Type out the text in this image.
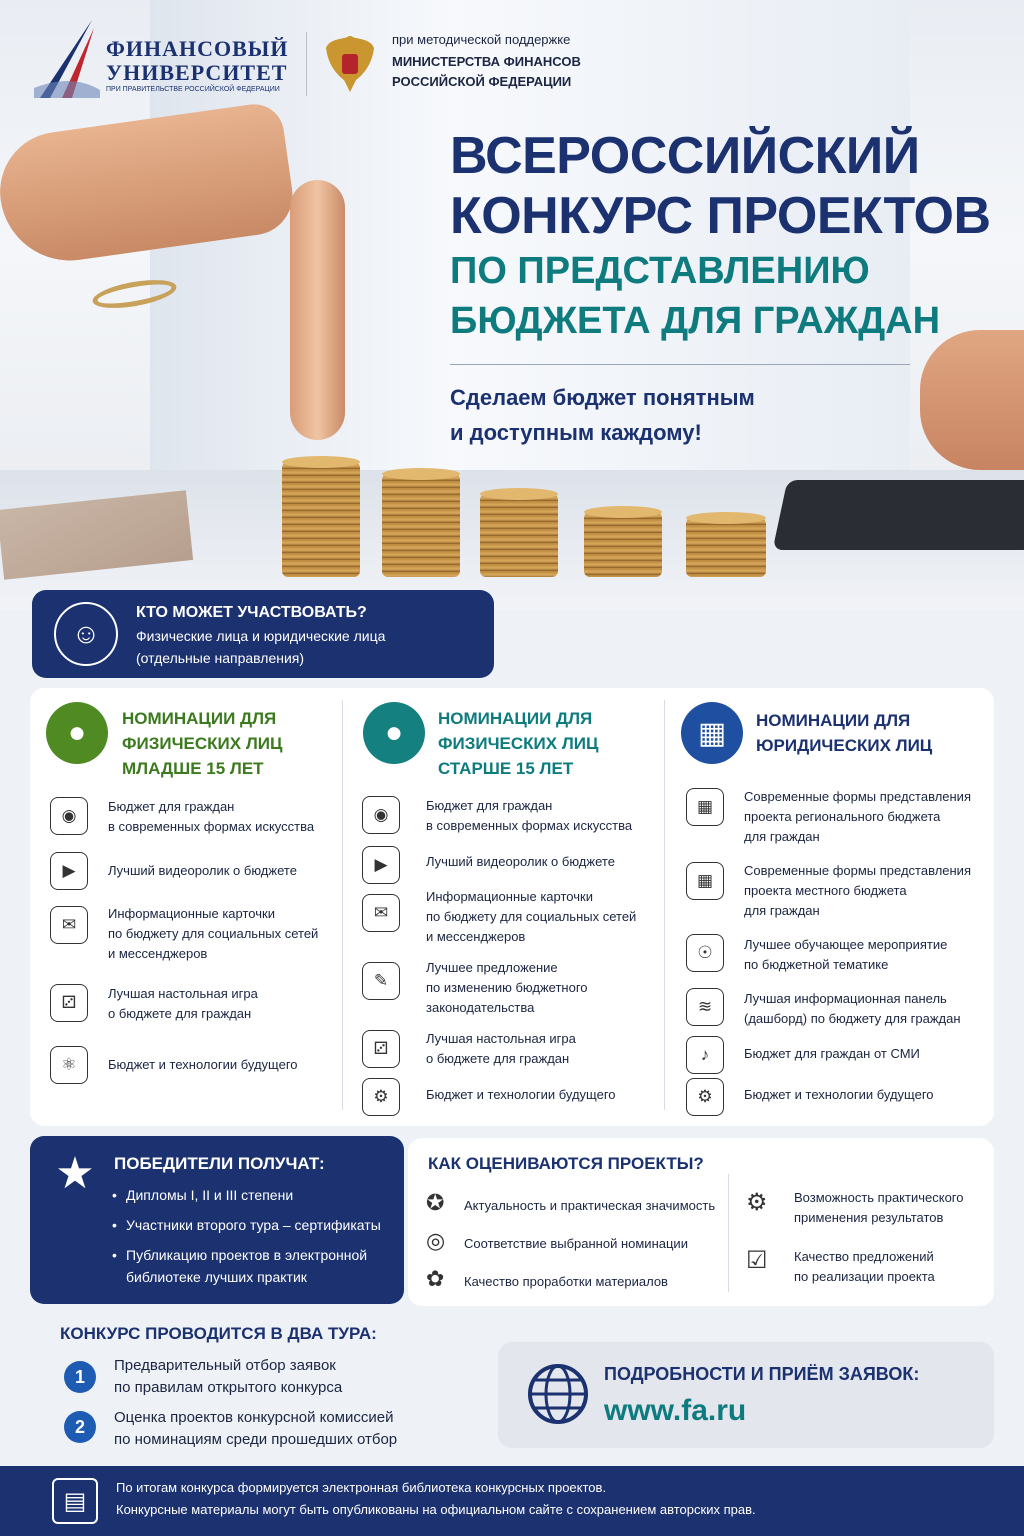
ФИНАНСОВЫЙ
УНИВЕРСИТЕТ
ПРИ ПРАВИТЕЛЬСТВЕ РОССИЙСКОЙ ФЕДЕРАЦИИ
при методической поддержке
МИНИСТЕРСТВА ФИНАНСОВ
РОССИЙСКОЙ ФЕДЕРАЦИИ
ВСЕРОССИЙСКИЙ
КОНКУРС ПРОЕКТОВ
ПО ПРЕДСТАВЛЕНИЮ
БЮДЖЕТА ДЛЯ ГРАЖДАН
Сделаем бюджет понятным
и доступным каждому!
☺
КТО МОЖЕТ УЧАСТВОВАТЬ?
Физические лица и юридические лица
(отдельные направления)
●	НОМИНАЦИИ ДЛЯ
ФИЗИЧЕСКИХ ЛИЦ
МЛАДШЕ 15 ЛЕТ
◉	Бюджет для граждан
в современных формах искусства
▶	Лучший видеоролик о бюджете
✉
Информационные карточки
по бюджету для социальных сетей
и мессенджеров
⚂	Лучшая настольная игра
о бюджете для граждан
⚛	Бюджет и технологии будущего
●	НОМИНАЦИИ ДЛЯ
ФИЗИЧЕСКИХ ЛИЦ
СТАРШЕ 15 ЛЕТ
◉	Бюджет для граждан
в современных формах искусства
▶	Лучший видеоролик о бюджете
✉
Информационные карточки
по бюджету для социальных сетей
и мессенджеров
✎
Лучшее предложение
по изменению бюджетного
законодательства
⚂
Лучшая настольная игра
о бюджете для граждан
⚙	Бюджет и технологии будущего
▦	НОМИНАЦИИ ДЛЯ
ЮРИДИЧЕСКИХ ЛИЦ
▦
Современные формы представления
проекта регионального бюджета
для граждан
▦
Современные формы представления
проекта местного бюджета
для граждан
☉	Лучшее обучающее мероприятие
по бюджетной тематике
≋	Лучшая информационная панель
(дашборд) по бюджету для граждан
♪	Бюджет для граждан от СМИ
⚙	Бюджет и технологии будущего
★	ПОБЕДИТЕЛИ ПОЛУЧАТ:
• Дипломы I, II и III степени
• Участники второго тура – сертификаты
• Публикацию проектов в электронной
библиотеке лучших практик
КАК ОЦЕНИВАЮТСЯ ПРОЕКТЫ?
✪ Актуальность и практическая значимость
◎ Соответствие выбранной номинации
✿ Качество проработки материалов
⚙ Возможность практического
применения результатов
☑ Качество предложений
по реализации проекта
КОНКУРС ПРОВОДИТСЯ В ДВА ТУРА:
1
Предварительный отбор заявок
по правилам открытого конкурса
2	Оценка проектов конкурсной комиссией
по номинациям среди прошедших отбор
ПОДРОБНОСТИ И ПРИЁМ ЗАЯВОК:
www.fa.ru
▤	По итогам конкурса формируется электронная библиотека конкурсных проектов.
Конкурсные материалы могут быть опубликованы на официальном сайте с сохранением авторских прав.
